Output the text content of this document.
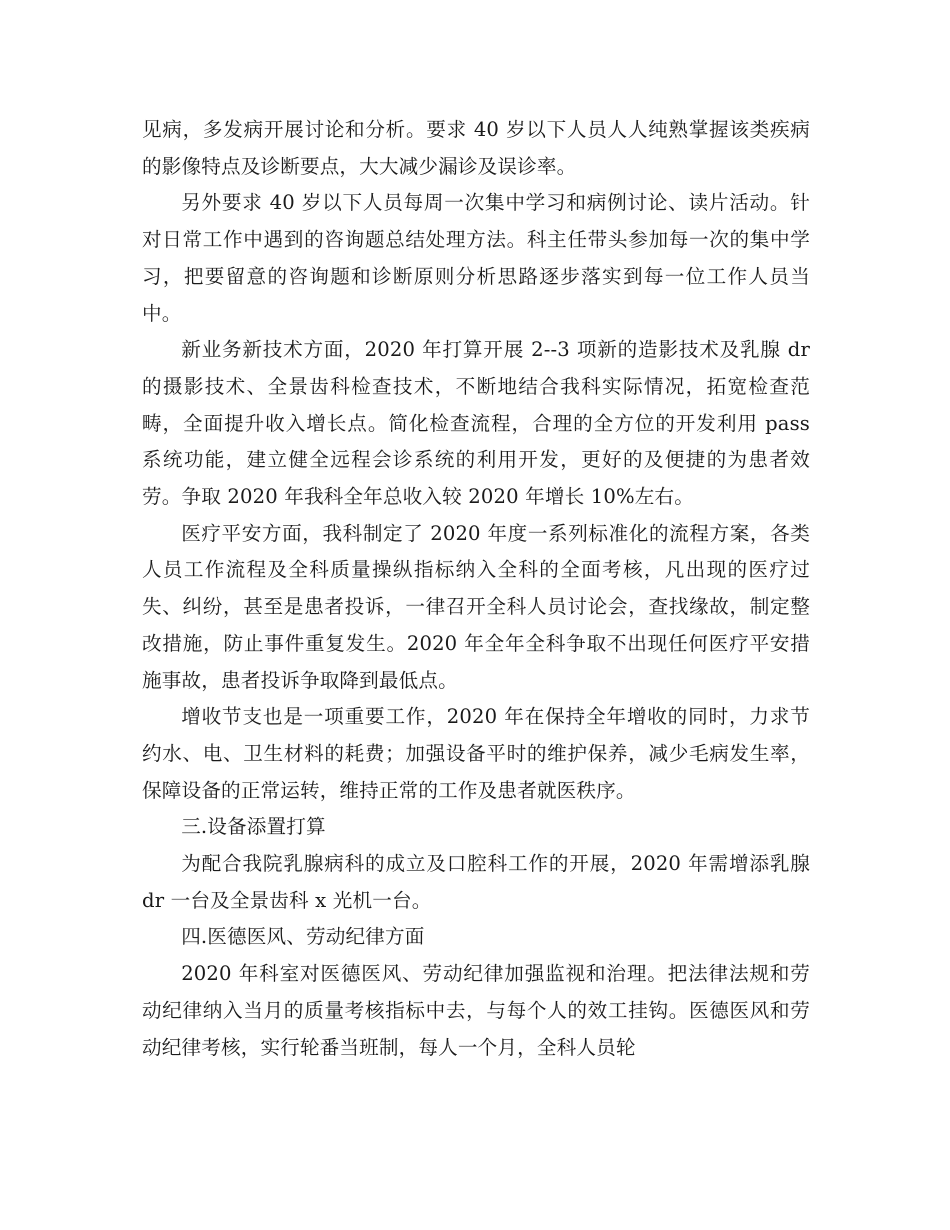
见病，多发病开展讨论和分析。要求 40 岁以下人员人人纯熟掌握该类疾病的影像特点及诊断要点，大大减少漏诊及误诊率。

另外要求 40 岁以下人员每周一次集中学习和病例讨论、读片活动。针对日常工作中遇到的咨询题总结处理方法。科主任带头参加每一次的集中学习，把要留意的咨询题和诊断原则分析思路逐步落实到每一位工作人员当中。

新业务新技术方面，2020 年打算开展 2--3 项新的造影技术及乳腺 dr 的摄影技术、全景齿科检查技术，不断地结合我科实际情况，拓宽检查范畴，全面提升收入增长点。简化检查流程，合理的全方位的开发利用 pass 系统功能，建立健全远程会诊系统的利用开发，更好的及便捷的为患者效劳。争取 2020 年我科全年总收入较 2020 年增长 10%左右。

医疗平安方面，我科制定了 2020 年度一系列标准化的流程方案，各类人员工作流程及全科质量操纵指标纳入全科的全面考核，凡出现的医疗过失、纠纷，甚至是患者投诉，一律召开全科人员讨论会，查找缘故，制定整改措施，防止事件重复发生。2020 年全年全科争取不出现任何医疗平安措施事故，患者投诉争取降到最低点。

增收节支也是一项重要工作，2020 年在保持全年增收的同时，力求节约水、电、卫生材料的耗费；加强设备平时的维护保养，减少毛病发生率，保障设备的正常运转，维持正常的工作及患者就医秩序。

三.设备添置打算

为配合我院乳腺病科的成立及口腔科工作的开展，2020 年需增添乳腺 dr 一台及全景齿科 x 光机一台。

四.医德医风、劳动纪律方面

2020 年科室对医德医风、劳动纪律加强监视和治理。把法律法规和劳动纪律纳入当月的质量考核指标中去，与每个人的效工挂钩。医德医风和劳动纪律考核，实行轮番当班制，每人一个月，全科人员轮
